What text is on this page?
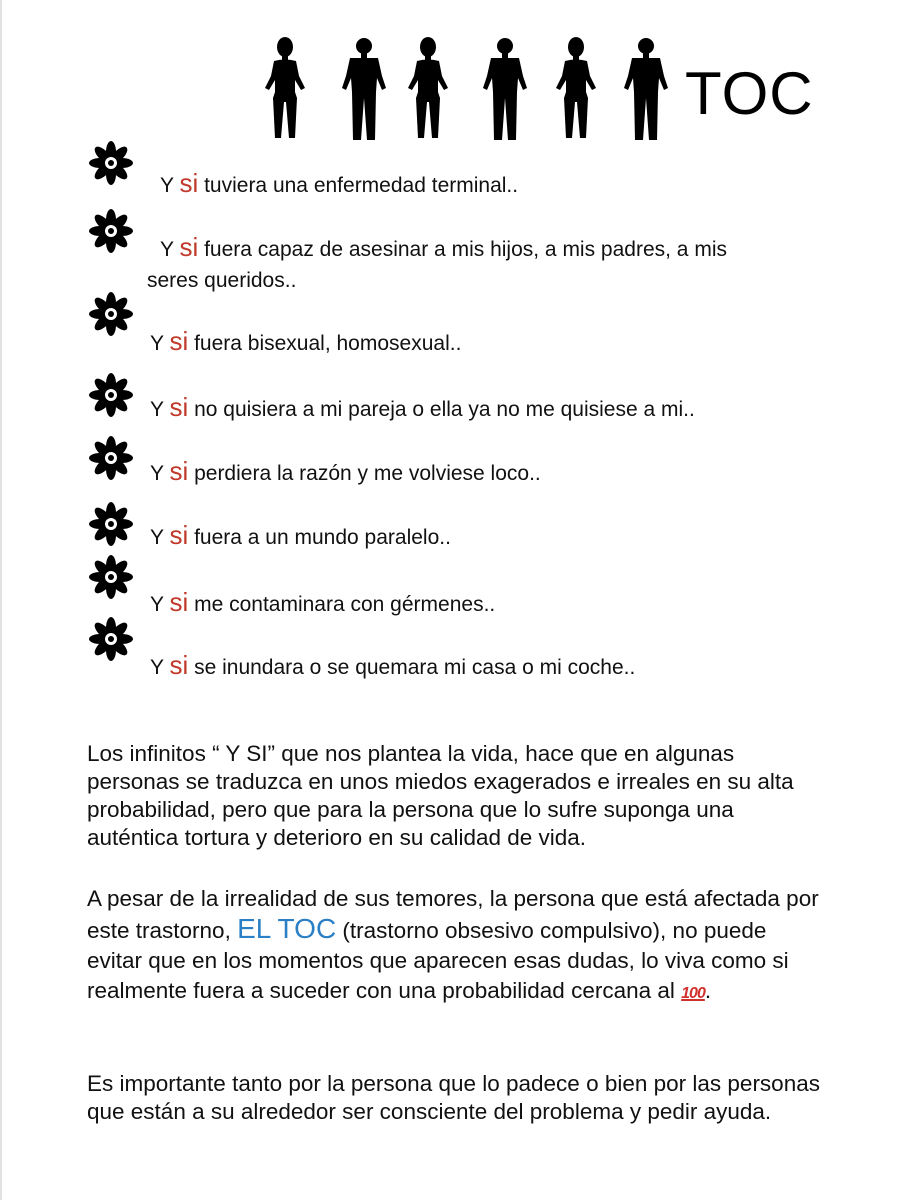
TOC
Y si tuviera una enfermedad terminal..
Y si fuera capaz de asesinar a mis hijos, a mis padres, a mis
seres queridos..
Y si fuera bisexual, homosexual..
Y si no quisiera a mi pareja o ella ya no me quisiese a mi..
Y si perdiera la razón y me volviese loco..
Y si fuera a un mundo paralelo..
Y si me contaminara con gérmenes..
Y si se inundara o se quemara mi casa o mi coche..
Los infinitos “ Y SI” que nos plantea la vida, hace que en algunas personas se traduzca en unos miedos exagerados e irreales en su alta probabilidad, pero que para la persona que lo sufre suponga una auténtica tortura y deterioro en su calidad de vida.
A pesar de la irrealidad de sus temores, la persona que está afectada por este trastorno, EL TOC (trastorno obsesivo compulsivo), no puede evitar que en los momentos que aparecen esas dudas, lo viva como si realmente fuera a suceder con una probabilidad cercana al 100.
Es importante tanto por la persona que lo padece o bien por las personas que están a su alrededor ser consciente del problema y pedir ayuda.
